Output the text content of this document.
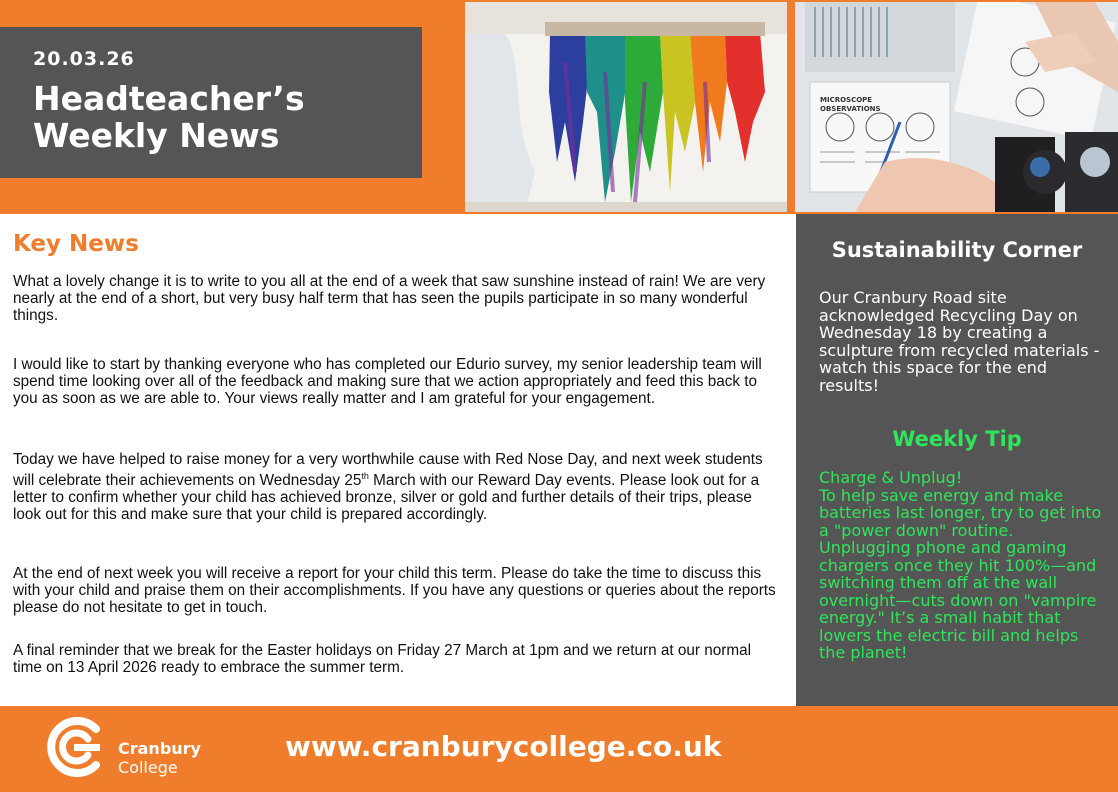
20.03.26
Headteacher’s Weekly News
MICROSCOPE
OBSERVATIONS
Key News

What a lovely change it is to write to you all at the end of a week that saw sunshine instead of rain! We are very nearly at the end of a short, but very busy half term that has seen the pupils participate in so many wonderful things.

I would like to start by thanking everyone who has completed our Edurio survey, my senior leadership team will spend time looking over all of the feedback and making sure that we action appropriately and feed this back to you as soon as we are able to. Your views really matter and I am grateful for your engagement.

Today we have helped to raise money for a very worthwhile cause with Red Nose Day, and next week students will celebrate their achievements on Wednesday 25th March with our Reward Day events. Please look out for a letter to confirm whether your child has achieved bronze, silver or gold and further details of their trips, please look out for this and make sure that your child is prepared accordingly.

At the end of next week you will receive a report for your child this term. Please do take the time to discuss this with your child and praise them on their accomplishments. If you have any questions or queries about the reports please do not hesitate to get in touch.

A final reminder that we break for the Easter holidays on Friday 27 March at 1pm and we return at our normal time on 13 April 2026 ready to embrace the summer term.

Sustainability Corner

Our Cranbury Road site acknowledged Recycling Day on Wednesday 18 by creating a sculpture from recycled materials - watch this space for the end results!

Weekly Tip
Charge & Unplug!
To help save energy and make batteries last longer, try to get into a "power down" routine. Unplugging phone and gaming chargers once they hit 100%—and switching them off at the wall overnight—cuts down on "vampire energy." It’s a small habit that lowers the electric bill and helps the planet!
Cranbury
College
www.cranburycollege.co.uk
